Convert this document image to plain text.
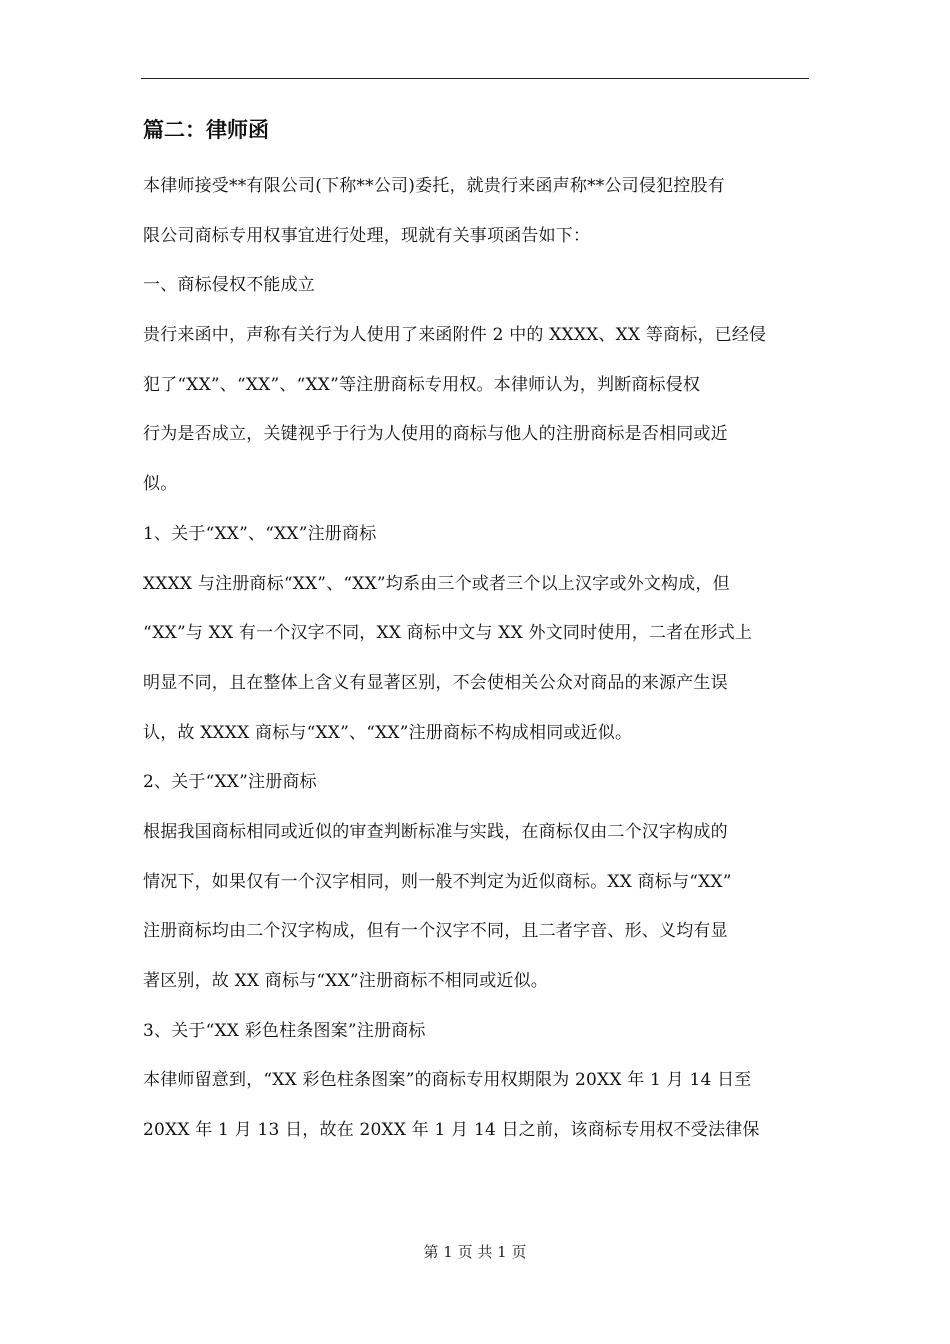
篇二：律师函
本律师接受**有限公司(下称**公司)委托，就贵行来函声称**公司侵犯控股有
限公司商标专用权事宜进行处理，现就有关事项函告如下：
一、商标侵权不能成立
贵行来函中，声称有关行为人使用了来函附件 2 中的 XXXX、XX 等商标，已经侵
犯了“XX”、“XX”、“XX”等注册商标专用权。本律师认为，判断商标侵权
行为是否成立，关键视乎于行为人使用的商标与他人的注册商标是否相同或近
似。
1、关于“XX”、“XX”注册商标
XXXX 与注册商标“XX”、“XX”均系由三个或者三个以上汉字或外文构成，但
“XX”与 XX 有一个汉字不同，XX 商标中文与 XX 外文同时使用，二者在形式上
明显不同，且在整体上含义有显著区别，不会使相关公众对商品的来源产生误
认，故 XXXX 商标与“XX”、“XX”注册商标不构成相同或近似。
2、关于“XX”注册商标
根据我国商标相同或近似的审查判断标准与实践，在商标仅由二个汉字构成的
情况下，如果仅有一个汉字相同，则一般不判定为近似商标。XX 商标与“XX”
注册商标均由二个汉字构成，但有一个汉字不同，且二者字音、形、义均有显
著区别，故 XX 商标与“XX”注册商标不相同或近似。
3、关于“XX 彩色柱条图案”注册商标
本律师留意到，“XX 彩色柱条图案”的商标专用权期限为 20XX 年 1 月 14 日至
20XX 年 1 月 13 日，故在 20XX 年 1 月 14 日之前，该商标专用权不受法律保
第 1 页 共 1 页
